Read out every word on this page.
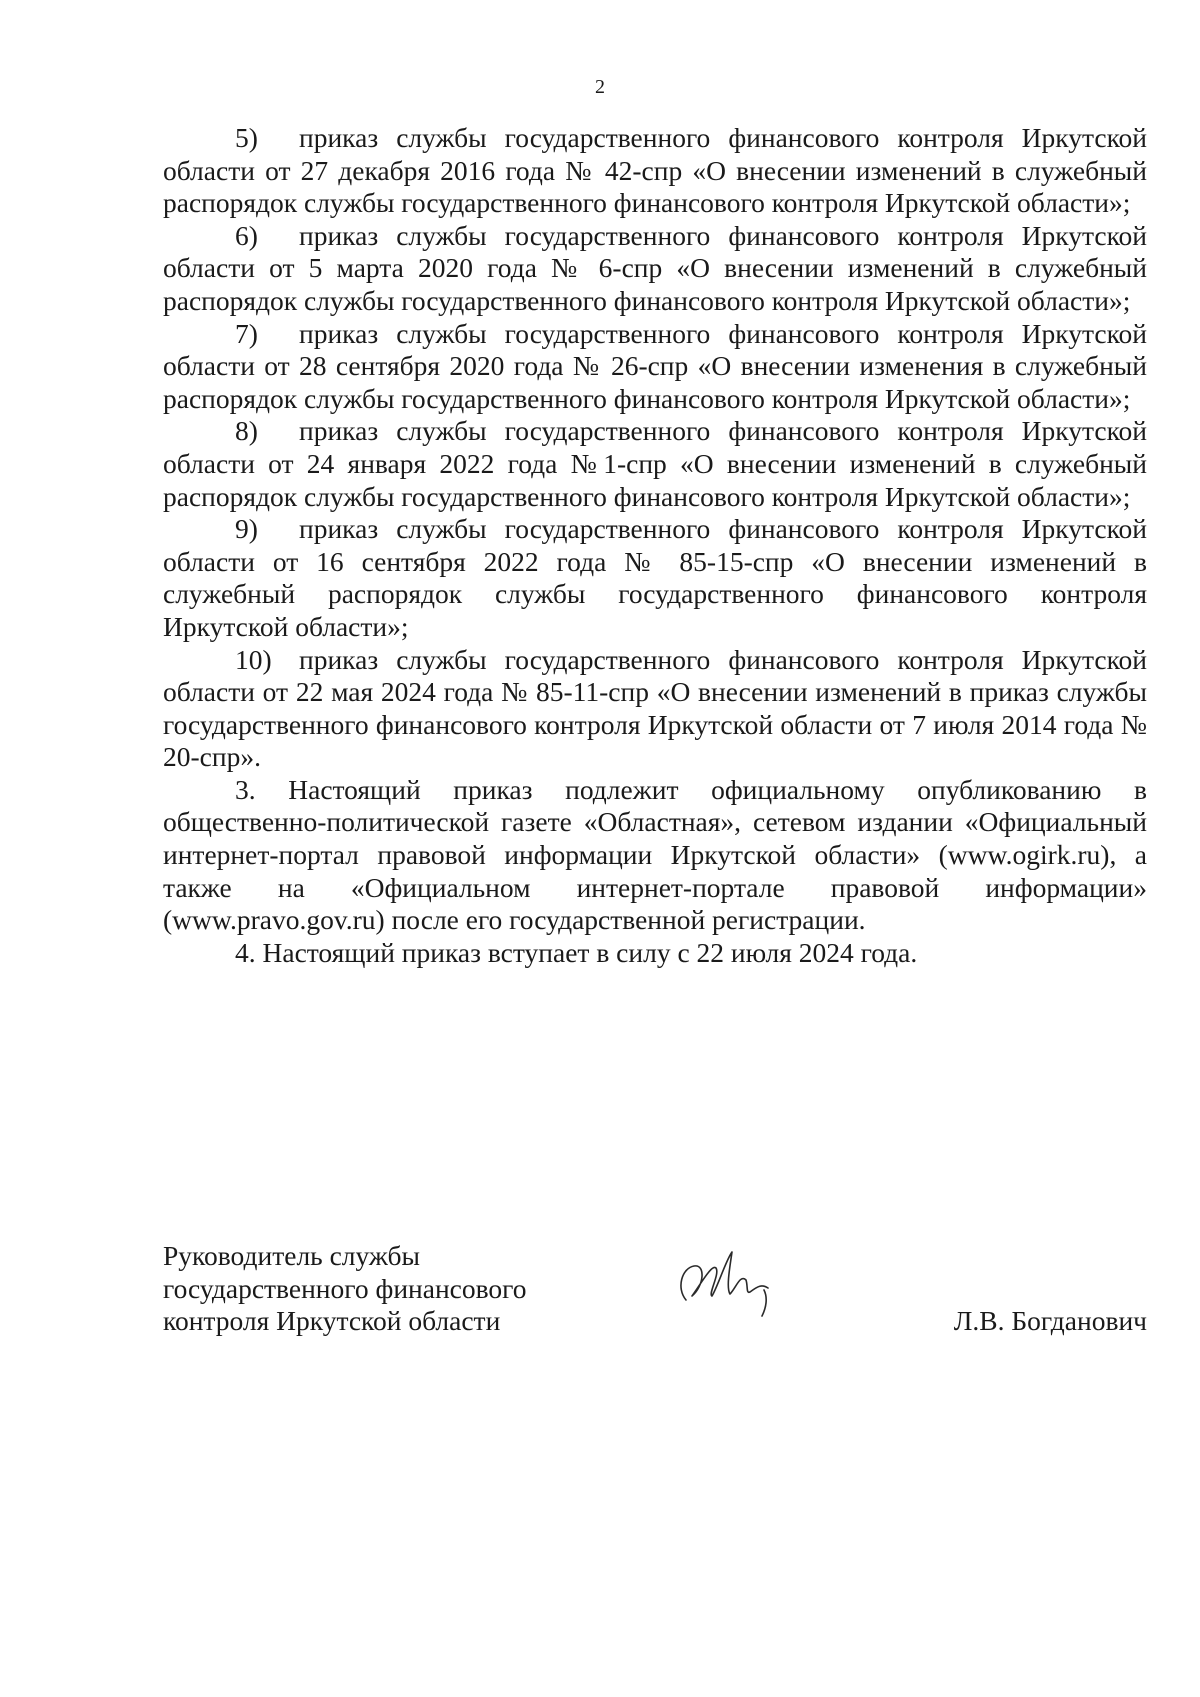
2

5) приказ службы государственного финансового контроля Иркутской области от 27 декабря 2016 года № 42-спр «О внесении изменений в служебный распорядок службы государственного финансового контроля Иркутской области»;

6) приказ службы государственного финансового контроля Иркутской области от 5 марта 2020 года № 6-спр «О внесении изменений в служебный распорядок службы государственного финансового контроля Иркутской области»;

7) приказ службы государственного финансового контроля Иркутской области от 28 сентября 2020 года № 26-спр «О внесении изменения в служебный распорядок службы государственного финансового контроля Иркутской области»;

8) приказ службы государственного финансового контроля Иркутской области от 24 января 2022 года №1-спр «О внесении изменений в служебный распорядок службы государственного финансового контроля Иркутской области»;

9) приказ службы государственного финансового контроля Иркутской области от 16 сентября 2022 года № 85-15-спр «О внесении изменений в служебный распорядок службы государственного финансового контроля Иркутской области»;

10) приказ службы государственного финансового контроля Иркутской области от 22 мая 2024 года № 85-11-спр «О внесении изменений в приказ службы государственного финансового контроля Иркутской области от 7 июля 2014 года № 20-спр».

3. Настоящий приказ подлежит официальному опубликованию в общественно-политической газете «Областная», сетевом издании «Официальный интернет-портал правовой информации Иркутской области» (www.ogirk.ru), а также на «Официальном интернет-портале правовой информации» (www.pravo.gov.ru) после его государственной регистрации.

4. Настоящий приказ вступает в силу с 22 июля 2024 года.

Руководитель службы
государственного финансового
контроля Иркутской области	Л.В. Богданович
